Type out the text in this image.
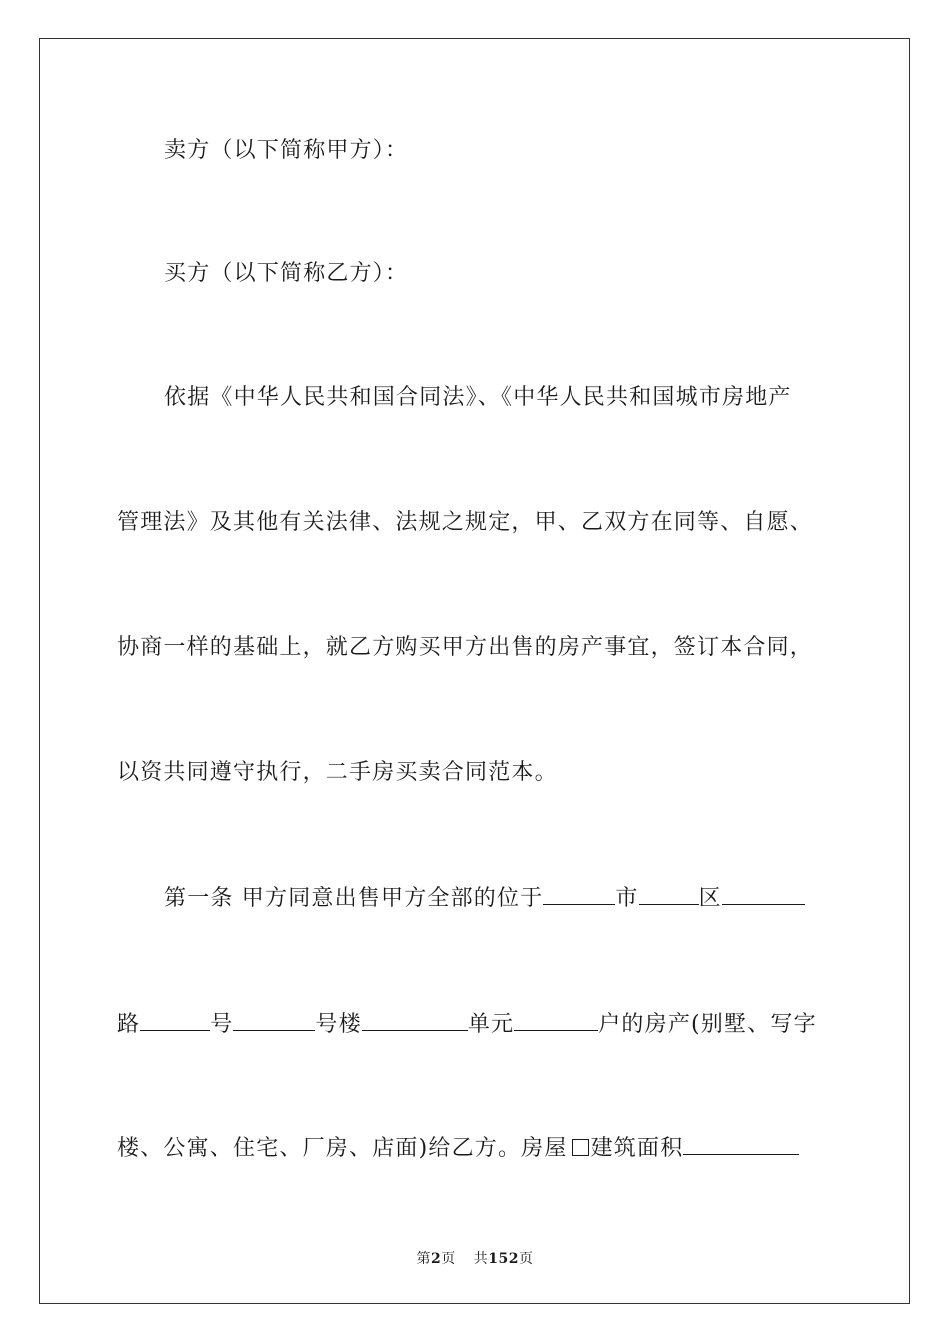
卖方（以下简称甲方）：
买方（以下简称乙方）：
依据《中华人民共和国合同法》、《中华人民共和国城市房地产
管理法》及其他有关法律、法规之规定，甲、乙双方在同等、自愿、
协商一样的基础上，就乙方购买甲方出售的房产事宜，签订本合同，
以资共同遵守执行，二手房买卖合同范本。
第一条 甲方同意出售甲方全部的位于	市	区
路	号	号楼	单元	户的房产(别墅、写字
楼、公寓、住宅、厂房、店面)给乙方。房屋 建筑面积
第2页 共152页
